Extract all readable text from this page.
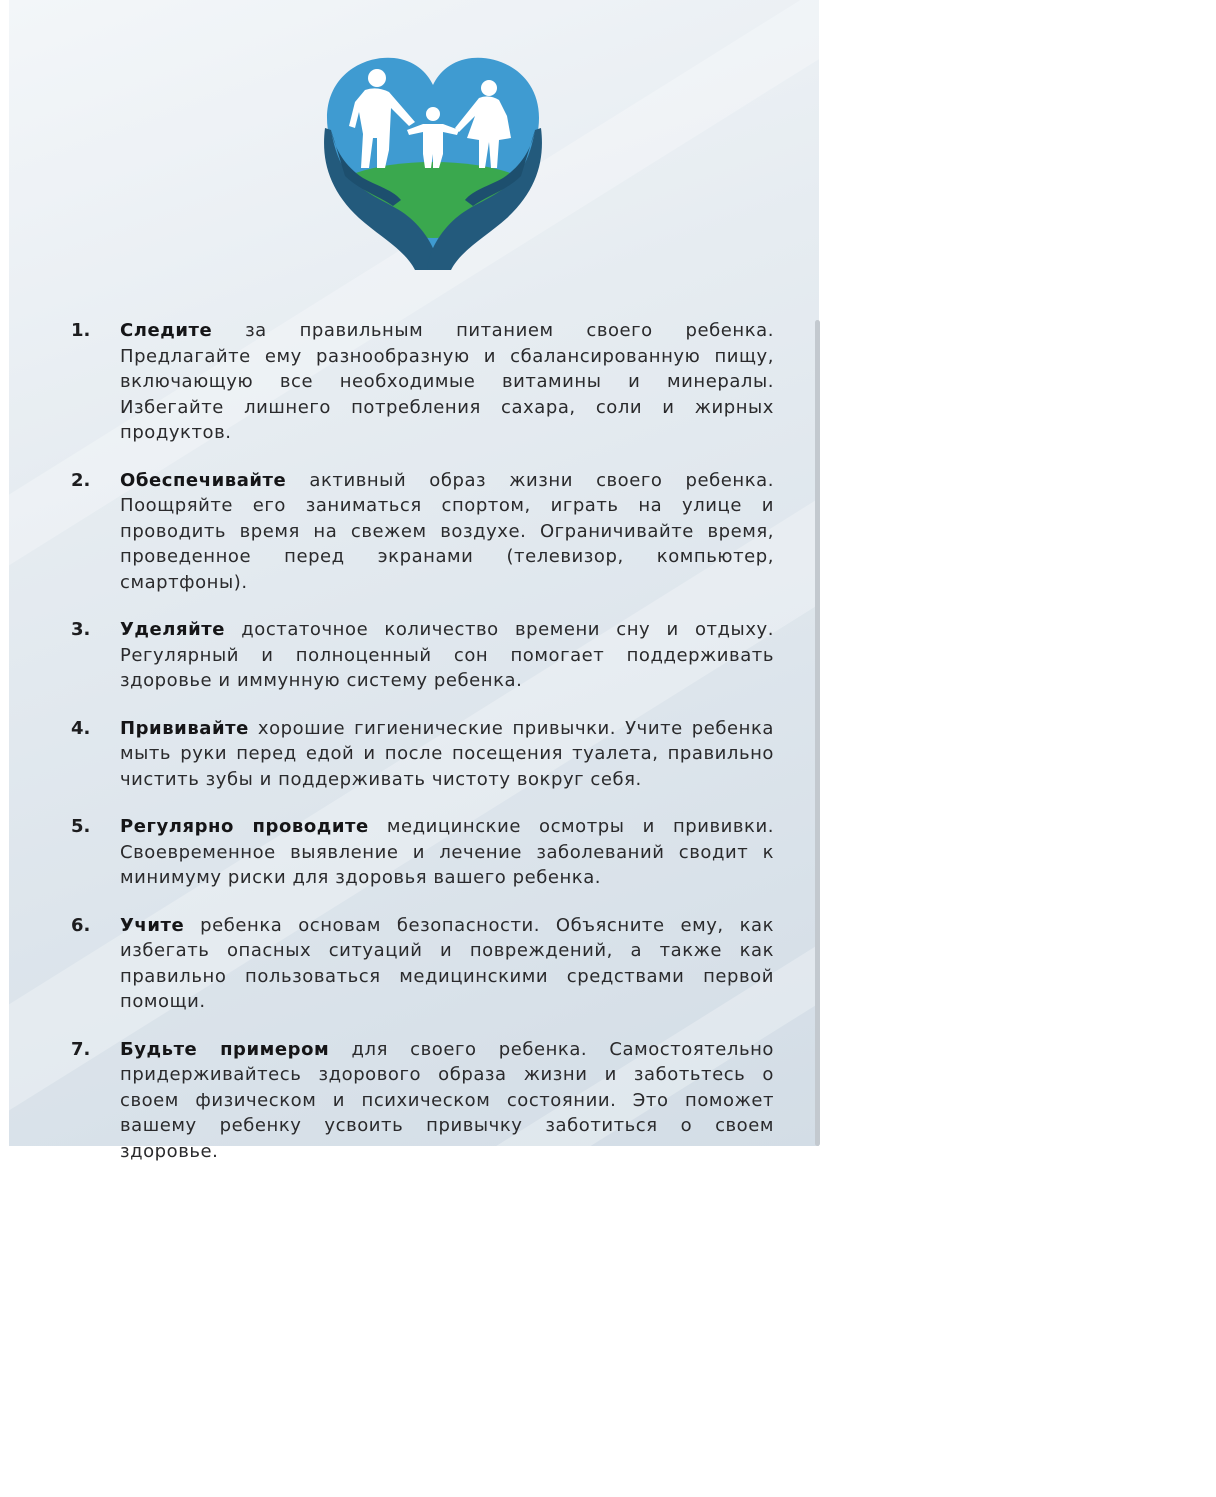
1. Следите за правильным питанием своего ребенка. Предлагайте ему разнообразную и сбалансированную пищу, включающую все необходимые витамины и минералы. Избегайте лишнего потребления сахара, соли и жирных продуктов.
2. Обеспечивайте активный образ жизни своего ребенка. Поощряйте его заниматься спортом, играть на улице и проводить время на свежем воздухе. Ограничивайте время, проведенное перед экранами (телевизор, компьютер, смартфоны).
3. Уделяйте достаточное количество времени сну и отдыху. Регулярный и полноценный сон помогает поддерживать здоровье и иммунную систему ребенка.
4. Прививайте хорошие гигиенические привычки. Учите ребенка мыть руки перед едой и после посещения туалета, правильно чистить зубы и поддерживать чистоту вокруг себя.
5. Регулярно проводите медицинские осмотры и прививки. Своевременное выявление и лечение заболеваний сводит к минимуму риски для здоровья вашего ребенка.
6. Учите ребенка основам безопасности. Объясните ему, как избегать опасных ситуаций и повреждений, а также как правильно пользоваться медицинскими средствами первой помощи.
7. Будьте примером для своего ребенка. Самостоятельно придерживайтесь здорового образа жизни и заботьтесь о своем физическом и психическом состоянии. Это поможет вашему ребенку усвоить привычку заботиться о своем здоровье.
